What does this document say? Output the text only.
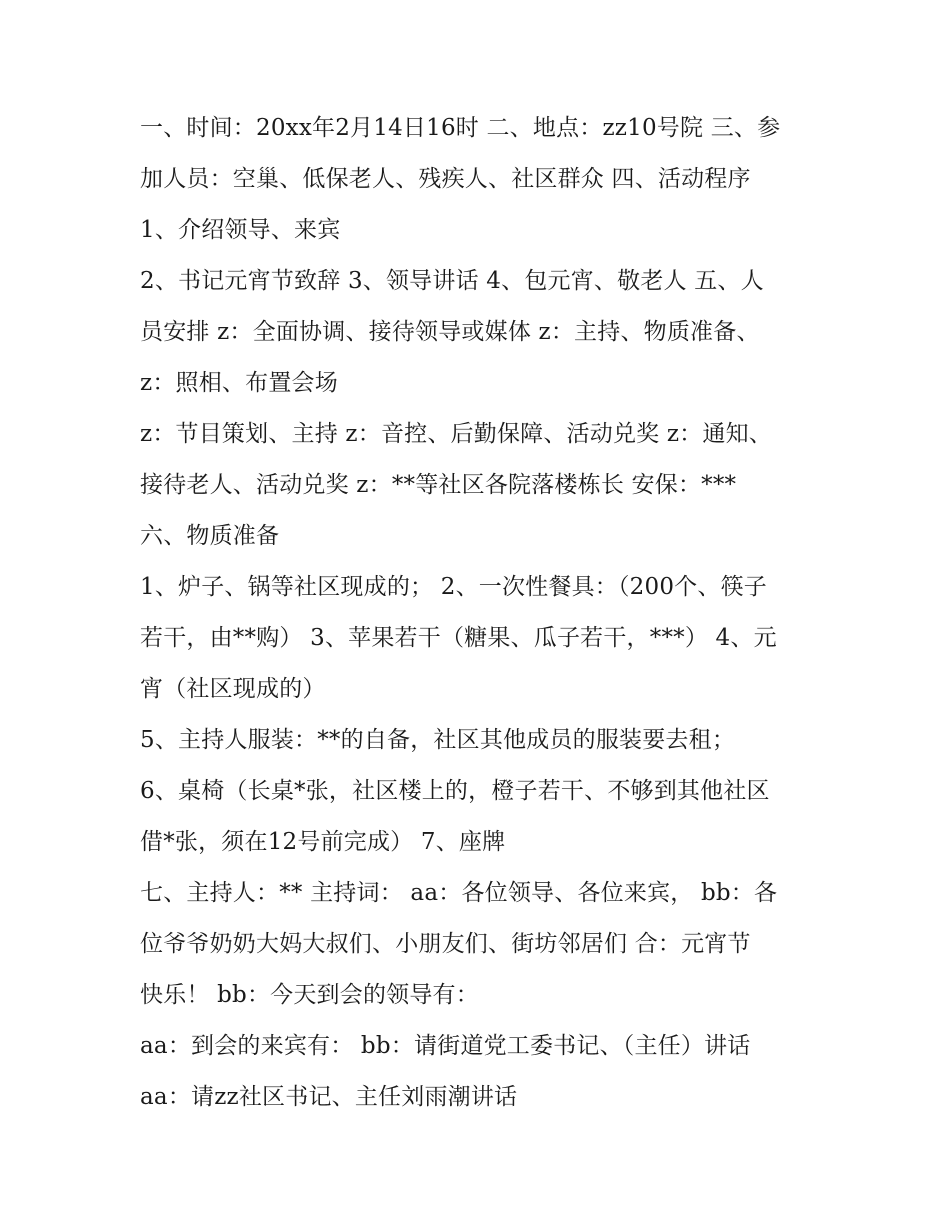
一、时间：20xx年2月14日16时 二、地点：zz10号院 三、参
加人员：空巢、低保老人、残疾人、社区群众 四、活动程序
1、介绍领导、来宾
2、书记元宵节致辞 3、领导讲话 4、包元宵、敬老人 五、人
员安排 z：全面协调、接待领导或媒体 z：主持、物质准备、
z：照相、布置会场
z：节目策划、主持 z：音控、后勤保障、活动兑奖 z：通知、
接待老人、活动兑奖 z：**等社区各院落楼栋长 安保：***
六、物质准备
1、炉子、锅等社区现成的； 2、一次性餐具：（200个、筷子
若干，由**购） 3、苹果若干（糖果、瓜子若干，***） 4、元
宵（社区现成的）
5、主持人服装：**的自备，社区其他成员的服装要去租；
6、桌椅（长桌*张，社区楼上的，橙子若干、不够到其他社区
借*张，须在12号前完成） 7、座牌
七、主持人：** 主持词： aa：各位领导、各位来宾， bb：各
位爷爷奶奶大妈大叔们、小朋友们、街坊邻居们 合：元宵节
快乐！ bb：今天到会的领导有：
aa：到会的来宾有： bb：请街道党工委书记、（主任）讲话
aa：请zz社区书记、主任刘雨潮讲话
